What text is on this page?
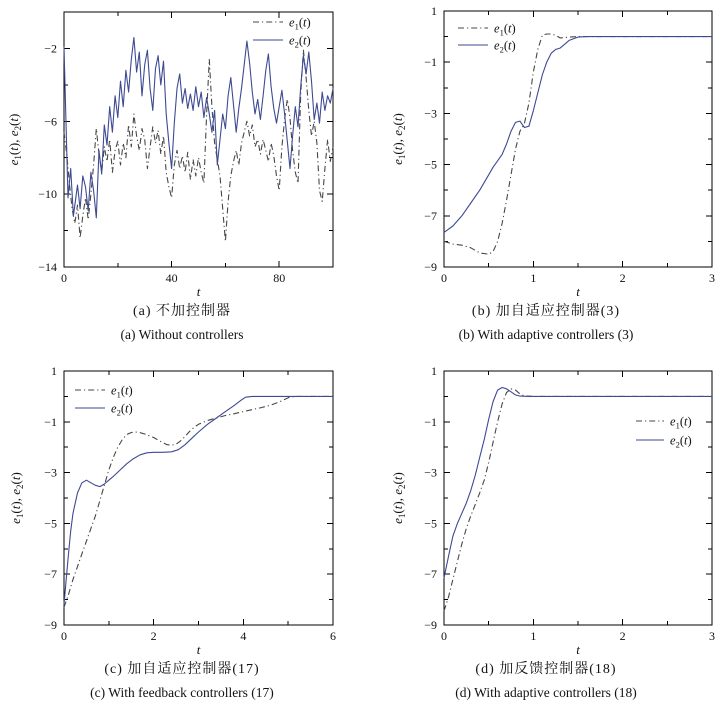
0	40	80
−2
−6
−10
−14
t
$e_1(t)$, $e_2(t)$
$e_1(t)$
$e_2(t)$
(a) 不加控制器
(a) Without controllers
0	1	2	3
1
−1
−3
−5
−7
−9
t
$e_1(t)$, $e_2(t)$
$e_1(t)$
$e_2(t)$
(b) 加自适应控制器(3)
(b) With adaptive controllers (3)
0	2	4	6
1
−1
−3
−5
−7
−9
t
$e_1(t)$, $e_2(t)$
$e_1(t)$
$e_2(t)$
(c) 加自适应控制器(17)
(c) With feedback controllers (17)
0	1	2	3
1
−1
−3
−5
−7
−9
t
$e_1(t)$, $e_2(t)$
$e_1(t)$
$e_2(t)$
(d) 加反馈控制器(18)
(d) With adaptive controllers (18)
